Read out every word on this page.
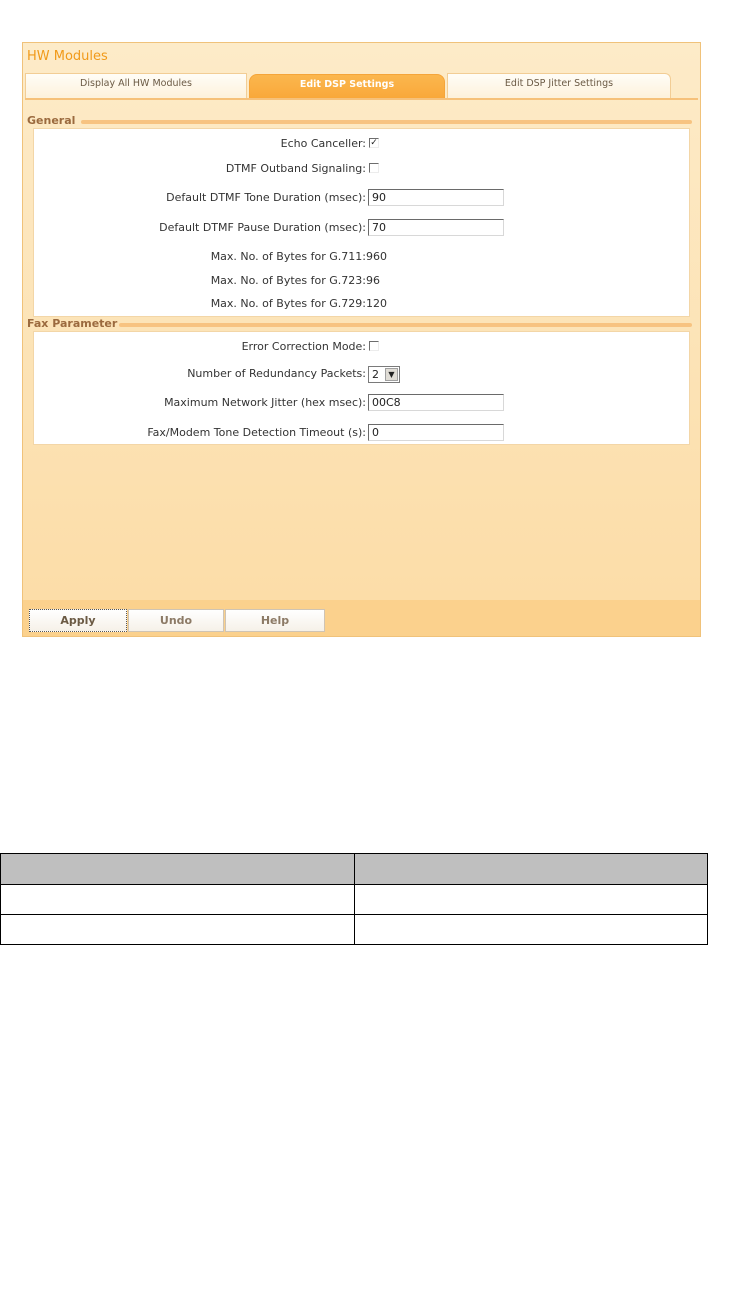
HW Modules
Display All HW Modules	Edit DSP Settings	Edit DSP Jitter Settings
General
Echo Canceller: ✓
DTMF Outband Signaling:
Default DTMF Tone Duration (msec): 90
Default DTMF Pause Duration (msec): 70
Max. No. of Bytes for G.711: 960
Max. No. of Bytes for G.723: 96
Max. No. of Bytes for G.729: 120
Fax Parameter
Error Correction Mode:
Number of Redundancy Packets: 2	▼
Maximum Network Jitter (hex msec): 00C8
Fax/Modem Tone Detection Timeout (s): 0
Apply	Undo	Help
